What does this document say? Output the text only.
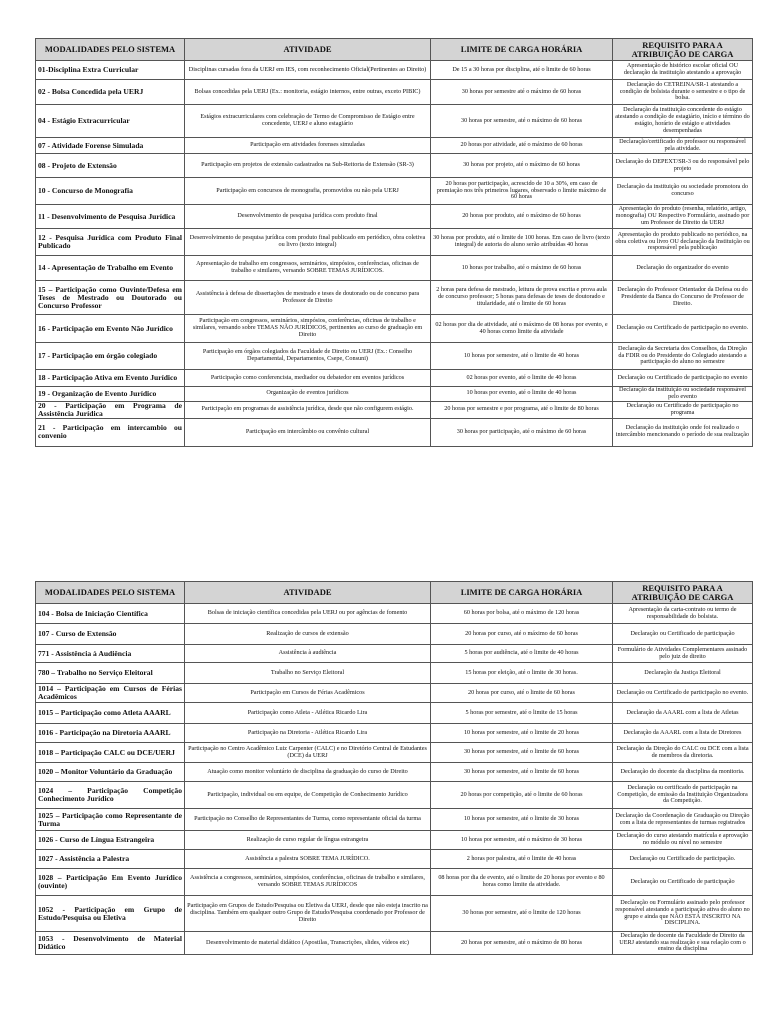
MODALIDADES PELO SISTEMA	ATIVIDADE	LIMITE DE CARGA HORÁRIA	REQUISITO PARA A ATRIBUIÇÃO DE CARGA
01-Disciplina Extra Curricular	Disciplinas cursadas fora da UERJ em IES, com reconhecimento Oficial(Pertinentes ao Direito)	De 15 a 30 horas por disciplina, até o limite de 60 horas	Apresentação de histórico escolar oficial OU declaração da instituição atestando a aprovação
02 - Bolsa Concedida pela UERJ	Bolsas concedidas pela UERJ (Ex.: monitoria, estágio internos, entre outras, exceto PIBIC)	30 horas por semestre até o máximo de 60 horas	Declaração do CETREINA/SR-1 atestando a condição de bolsista durante o semestre e o tipo de bolsa.
04 - Estágio Extracurricular	Estágios extracurriculares com celebração de Termo de Compromisso de Estágio entre concedente, UERJ e aluno estagiário	30 horas por semestre, até o máximo de 60 horas	Declaração da instituição concedente do estágio atestando a condição de estagiário, início e término do estágio, horário de estágio e atividades desempenhadas
07 - Atividade Forense Simulada	Participação em atividades forenses simuladas	20 horas por atividade, até o máximo de 60 horas	Declaração/certificado do professor ou responsável pela atividade.
08 - Projeto de Extensão	Participação em projetos de extensão cadastrados na Sub-Reitoria de Extensão (SR-3)	30 horas por projeto, até o máximo de 60 horas	Declaração do DEPEXT/SR-3 ou do responsável pelo projeto
10 - Concurso de Monografia	Participação em concursos de monografia, promovidos ou não pela UERJ	20 horas por participação, acrescido de 10 a 30%, em caso de premiação nos três primeiros lugares, observado o limite máximo de 60 horas	Declaração da instituição ou sociedade promotora do concurso
11 - Desenvolvimento de Pesquisa Jurídica	Desenvolvimento de pesquisa jurídica com produto final	20 horas por produto, até o máximo de 60 horas	Apresentação do produto (resenha, relatório, artigo, monografia) OU Respectivo Formulário, assinado por um Professor de Direito da UERJ
12 - Pesquisa Jurídica com Produto Final Publicado	Desenvolvimento de pesquisa jurídica com produto final publicado em periódico, obra coletiva ou livro (texto integral)	30 horas por produto, até o limite de 100 horas. Em caso de livro (texto integral) de autoria do aluno serão atribuídas 40 horas	Apresentação do produto publicado no periódico, na obra coletiva ou livro OU declaração da Instituição ou responsável pela publicação
14 - Apresentação de Trabalho em Evento	Apresentação de trabalho em congressos, seminários, simpósios, conferências, oficinas de trabalho e similares, versando SOBRE TEMAS JURÍDICOS.	10 horas por trabalho, até o máximo de 60 horas	Declaração do organizador do evento
15 – Participação como Ouvinte/Defesa em Teses de Mestrado ou Doutorado ou Concurso Professor	Assistência à defesa de dissertações de mestrado e teses de doutorado ou de concurso para Professor de Direito	2 horas para defesa de mestrado, leitura de prova escrita e prova aula de concurso professor; 5 horas para defesas de teses de doutorado e titularidade, até o limite de 60 horas	Declaração do Professor Orientador da Defesa ou do Presidente da Banca do Concurso de Professor de Direito.
16 - Participação em Evento Não Jurídico	Participação em congressos, seminários, simpósios, conferências, oficinas de trabalho e similares, versando sobre TEMAS NÃO JURÍDICOS, pertinentes ao curso de graduação em Direito	02 horas por dia de atividade, até o máximo de 08 horas por evento, e 40 horas como limite da atividade	Declaração ou Certificado de participação no evento.
17 - Participação em órgão colegiado	Participação em órgãos colegiados da Faculdade de Direito ou UERJ (Ex.: Conselho Departamental, Departamentos, Csepe, Consuni)	10 horas por semestre, até o limite de 40 horas	Declaração da Secretaria dos Conselhos, da Direção da FDIR ou do Presidente do Colegiado atestando a participação do aluno no semestre
18 - Participação Ativa em Evento Jurídico	Participação como conferencista, mediador ou debatedor em eventos jurídicos	02 horas por evento, até o limite de 40 horas	Declaração ou Certificado de participação no evento
19 - Organização de Evento Jurídico	Organização de eventos jurídicos	10 horas por evento, até o limite de 40 horas	Declaração da instituição ou sociedade responsável pelo evento
20 - Participação em Programa de Assistência Jurídica	Participação em programas de assistência jurídica, desde que não configurem estágio.	20 horas por semestre e por programa, até o limite de 80 horas	Declaração ou Certificado de participação no programa
21 - Participação em intercambio ou convenio	Participação em intercâmbio ou convênio cultural	30 horas por participação, até o máximo de 60 horas	Declaração da instituição onde foi realizado o intercâmbio mencionando o período de sua realização
MODALIDADES PELO SISTEMA	ATIVIDADE	LIMITE DE CARGA HORÁRIA	REQUISITO PARA A ATRIBUIÇÃO DE CARGA
104 - Bolsa de Iniciação Científica	Bolsas de iniciação científica concedidas pela UERJ ou por agências de fomento	60 horas por bolsa, até o máximo de 120 horas	Apresentação da carta-contrato ou termo de responsabilidade do bolsista.
107 - Curso de Extensão	Realização de cursos de extensão	20 horas por curso, até o máximo de 60 horas	Declaração ou Certificado de participação
771 - Assistência à Audiência	Assistência à audiência	5 horas por audiência, até o limite de 40 horas	Formulário de Atividades Complementares assinado pelo juiz de direito
780 – Trabalho no Serviço Eleitoral	Trabalho no Serviço Eleitoral	15 horas por eleição, até o limite de 30 horas.	Declaração da Justiça Eleitoral
1014 – Participação em Cursos de Férias Acadêmicos	Participação em Cursos de Férias Acadêmicos	20 horas por curso, até o limite de 60 horas	Declaração ou Certificado de participação no evento.
1015 – Participação como Atleta AAARL	Participação como Atleta - Atlética Ricardo Lira	5 horas por semestre, até o limite de 15 horas	Declaração da AAARL com a lista de Atletas
1016 - Participação na Diretoria AAARL	Participação na Diretoria - Atlética Ricardo Lira	10 horas por semestre, até o limite de 20 horas	Declaração da AAARL com a lista de Diretores
1018 – Participação CALC ou DCE/UERJ	Participação no Centro Acadêmico Luiz Carpenter (CALC) e no Diretório Central de Estudantes (DCE) da UERJ	30 horas por semestre, até o limite de 60 horas	Declaração da Direção do CALC ou DCE com a lista de membros da diretoria.
1020 – Monitor Voluntário da Graduação	Atuação como monitor voluntário de disciplina da graduação do curso de Direito	30 horas por semestre, até o limite de 60 horas	Declaração do docente da disciplina da monitoria.
1024 – Participação Competição Conhecimento Jurídico	Participação, individual ou em equipe, de Competição de Conhecimento Jurídico	20 horas por competição, até o limite de 60 horas	Declaração ou certificado de participação na Competição, de emissão da Instituição Organizadora da Competição.
1025 – Participação como Representante de Turma	Participação no Conselho de Representantes de Turma, como representante oficial da turma	10 horas por semestre, até o limite de 30 horas	Declaração da Coordenação de Graduação ou Direção com a lista de representantes de turmas registrados
1026 - Curso de Língua Estrangeira	Realização de curso regular de língua estrangeira	10 horas por semestre, até o máximo de 30 horas	Declaração do curso atestando matrícula e aprovação no módulo ou nível no semestre
1027 - Assistência a Palestra	Assistência a palestra SOBRE TEMA JURÍDICO.	2 horas por palestra, até o limite de 40 horas	Declaração ou Certificado de participação.
1028 – Participação Em Evento Jurídico (ouvinte)	Assistência a congressos, seminários, simpósios, conferências, oficinas de trabalho e similares, versando SOBRE TEMAS JURÍDICOS	08 horas por dia de evento, até o limite de 20 horas por evento e 80 horas como limite da atividade.	Declaração ou Certificado de participação
1052 - Participação em Grupo de Estudo/Pesquisa ou Eletiva	Participação em Grupos de Estudo/Pesquisa ou Eletiva da UERJ, desde que não esteja inscrito na disciplina. Também em qualquer outro Grupo de Estudo/Pesquisa coordenado por Professor de Direito	30 horas por semestre, até o limite de 120 horas	Declaração ou Formulário assinado pelo professor responsável atestando a participação ativa do aluno no grupo e ainda que NÃO ESTÁ INSCRITO NA DISCIPLINA.
1053 - Desenvolvimento de Material Didático	Desenvolvimento de material didático (Apostilas, Transcrições, slides, vídeos etc)	20 horas por semestre, até o máximo de 80 horas	Declaração de docente da Faculdade de Direito da UERJ atestando sua realização e sua relação com o ensino da disciplina
